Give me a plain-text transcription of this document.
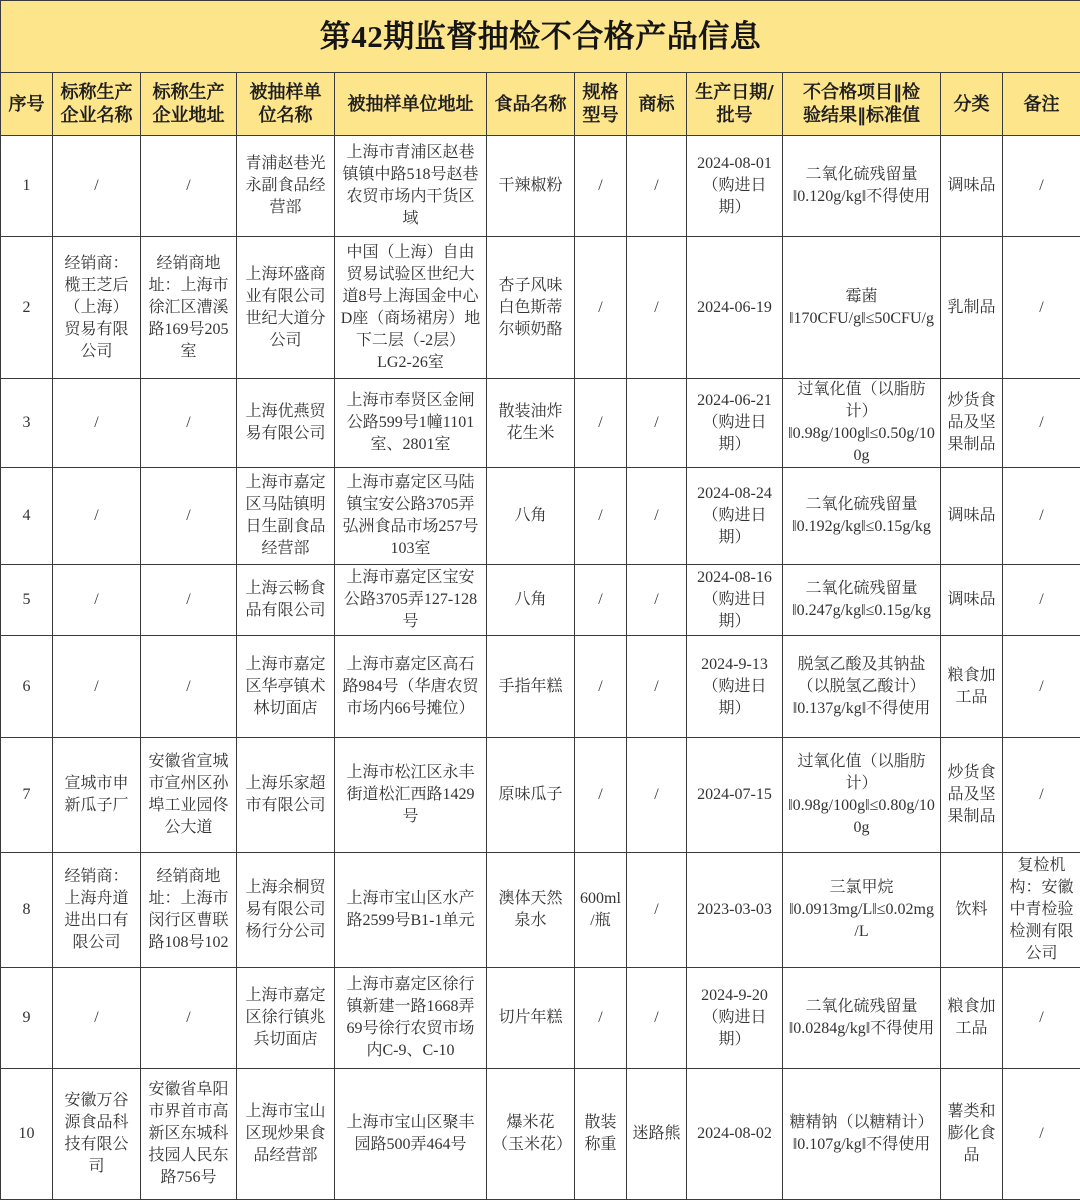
第42期监督抽检不合格产品信息											
序号	标称生产企业名称	标称生产企业地址	被抽样单位名称	被抽样单位地址	食品名称	规格型号	商标	生产日期/批号	不合格项目‖检验结果‖标准值	分类	备注
1	/	/	青浦赵巷光永副食品经营部	上海市青浦区赵巷镇镇中路518号赵巷农贸市场内干货区域	干辣椒粉	/	/	2024-08-01（购进日期）	二氧化硫残留量‖0.120g/kg‖不得使用	调味品	/
2	经销商：榄王芝后（上海）贸易有限公司	经销商地址：上海市徐汇区漕溪路169号205室	上海环盛商业有限公司世纪大道分公司	中国（上海）自由贸易试验区世纪大道8号上海国金中心D座（商场裙房）地下二层（-2层）LG2-26室	杏子风味白色斯蒂尔顿奶酪	/	/	2024-06-19	霉菌‖170CFU/g‖≤50CFU/g	乳制品	/
3	/	/	上海优燕贸易有限公司	上海市奉贤区金闸公路599号1幢1101室、2801室	散装油炸花生米	/	/	2024-06-21（购进日期）	过氧化值（以脂肪计）‖0.98g/100g‖≤0.50g/100g	炒货食品及坚果制品	/
4	/	/	上海市嘉定区马陆镇明日生副食品经营部	上海市嘉定区马陆镇宝安公路3705弄弘洲食品市场257号103室	八角	/	/	2024-08-24（购进日期）	二氧化硫残留量‖0.192g/kg‖≤0.15g/kg	调味品	/
5	/	/	上海云畅食品有限公司	上海市嘉定区宝安公路3705弄127-128号	八角	/	/	2024-08-16（购进日期）	二氧化硫残留量‖0.247g/kg‖≤0.15g/kg	调味品	/
6	/	/	上海市嘉定区华亭镇术林切面店	上海市嘉定区高石路984号（华唐农贸市场内66号摊位）	手指年糕	/	/	2024-9-13（购进日期）	脱氢乙酸及其钠盐（以脱氢乙酸计）‖0.137g/kg‖不得使用	粮食加工品	/
7	宣城市申新瓜子厂	安徽省宣城市宣州区孙埠工业园佟公大道	上海乐家超市有限公司	上海市松江区永丰街道松汇西路1429号	原味瓜子	/	/	2024-07-15	过氧化值（以脂肪计）‖0.98g/100g‖≤0.80g/100g	炒货食品及坚果制品	/
8	经销商：上海舟道进出口有限公司	经销商地址：上海市闵行区曹联路108号102	上海余桐贸易有限公司杨行分公司	上海市宝山区水产路2599号B1-1单元	澳体天然泉水	600ml/瓶	/	2023-03-03	三氯甲烷‖0.0913mg/L‖≤0.02mg/L	饮料	复检机构：安徽中青检验检测有限公司
9	/	/	上海市嘉定区徐行镇兆兵切面店	上海市嘉定区徐行镇新建一路1668弄69号徐行农贸市场内C-9、C-10	切片年糕	/	/	2024-9-20（购进日期）	二氧化硫残留量‖0.0284g/kg‖不得使用	粮食加工品	/
10	安徽万谷源食品科技有限公司	安徽省阜阳市界首市高新区东城科技园人民东路756号	上海市宝山区现炒果食品经营部	上海市宝山区聚丰园路500弄464号	爆米花（玉米花）	散装称重	迷路熊	2024-08-02	糖精钠（以糖精计）‖0.107g/kg‖不得使用	薯类和膨化食品	/
